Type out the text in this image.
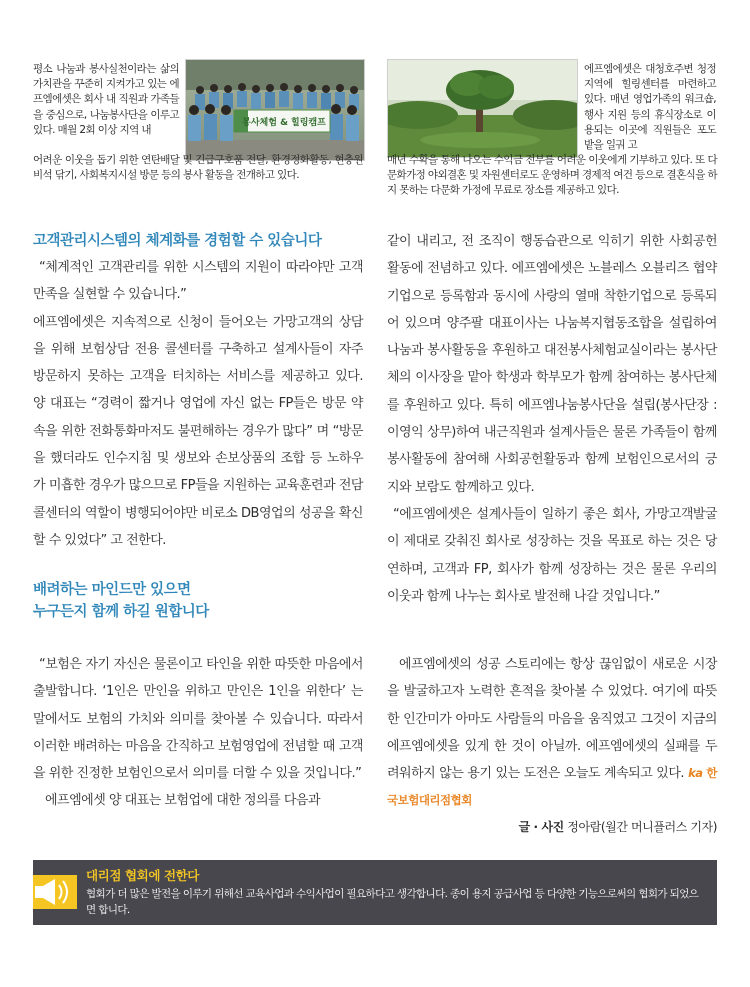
평소 나눔과 봉사실천이라는 삶의 가치관을 꾸준히 지켜가고 있는 에프엠에셋은 회사 내 직원과 가족들을 중심으로, 나눔봉사단을 이루고 있다. 매월 2회 이상 지역 내

봉사체험 & 힐링캠프

어려운 이웃을 돕기 위한 연탄배달 및 긴급구호품 전달, 환경정화활동, 현충원 비석 닦기, 사회복지시설 방문 등의 봉사 활동을 전개하고 있다.

에프엠에셋은 대청호주변 청정지역에 힐링센터를 마련하고 있다. 매년 영업가족의 워크숍, 행사 지원 등의 휴식장소로 이용되는 이곳에 직원들은 포도밭을 일궈 고

매년 수확을 통해 나오는 수익금 전부를 어려운 이웃에게 기부하고 있다. 또 다문화가정 야외결혼 및 자원센터로도 운영하며 경제적 여건 등으로 결혼식을 하지 못하는 다문화 가정에 무료로 장소를 제공하고 있다.

고객관리시스템의 체계화를 경험할 수 있습니다

“체계적인 고객관리를 위한 시스템의 지원이 따라야만 고객만족을 실현할 수 있습니다.”

에프엠에셋은 지속적으로 신청이 들어오는 가망고객의 상담을 위해 보험상담 전용 콜센터를 구축하고 설계사들이 자주 방문하지 못하는 고객을 터치하는 서비스를 제공하고 있다. 양 대표는 “경력이 짧거나 영업에 자신 없는 FP들은 방문 약속을 위한 전화통화마저도 불편해하는 경우가 많다” 며 “방문을 했더라도 인수지침 및 생보와 손보상품의 조합 등 노하우가 미흡한 경우가 많으므로 FP들을 지원하는 교육훈련과 전담콜센터의 역할이 병행되어야만 비로소 DB영업의 성공을 확신할 수 있었다” 고 전한다.

배려하는 마인드만 있으면

누구든지 함께 하길 원합니다

“보험은 자기 자신은 물론이고 타인을 위한 따뜻한 마음에서 출발합니다. ‘1인은 만인을 위하고 만인은 1인을 위한다’ 는 말에서도 보험의 가치와 의미를 찾아볼 수 있습니다. 따라서 이러한 배려하는 마음을 간직하고 보험영업에 전념할 때 고객을 위한 진정한 보험인으로서 의미를 더할 수 있을 것입니다.”

에프엠에셋 양 대표는 보험업에 대한 정의를 다음과

같이 내리고, 전 조직이 행동습관으로 익히기 위한 사회공헌활동에 전념하고 있다. 에프엠에셋은 노블레스 오블리즈 협약기업으로 등록함과 동시에 사랑의 열매 착한기업으로 등록되어 있으며 양주팔 대표이사는 나눔복지협동조합을 설립하여 나눔과 봉사활동을 후원하고 대전봉사체험교실이라는 봉사단체의 이사장을 맡아 학생과 학부모가 함께 참여하는 봉사단체를 후원하고 있다. 특히 에프엠나눔봉사단을 설립(봉사단장 : 이영익 상무)하여 내근직원과 설계사들은 물론 가족들이 함께 봉사활동에 참여해 사회공헌활동과 함께 보험인으로서의 긍지와 보람도 함께하고 있다.

“에프엠에셋은 설계사들이 일하기 좋은 회사, 가망고객발굴이 제대로 갖춰진 회사로 성장하는 것을 목표로 하는 것은 당연하며, 고객과 FP, 회사가 함께 성장하는 것은 물론 우리의 이웃과 함께 나누는 회사로 발전해 나갈 것입니다.”

에프엠에셋의 성공 스토리에는 항상 끊임없이 새로운 시장을 발굴하고자 노력한 흔적을 찾아볼 수 있었다. 여기에 따뜻한 인간미가 아마도 사람들의 마음을 움직였고 그것이 지금의 에프엠에셋을 있게 한 것이 아닐까. 에프엠에셋의 실패를 두려워하지 않는 용기 있는 도전은 오늘도 계속되고 있다. ka 한국보험대리점협회

글 · 사진 정아람(월간 머니플러스 기자)
대리점 협회에 전한다
협회가 더 많은 발전을 이루기 위해선 교육사업과 수익사업이 필요하다고 생각합니다. 종이 용지 공급사업 등 다양한 기능으로써의 협회가 되었으면 합니다.
